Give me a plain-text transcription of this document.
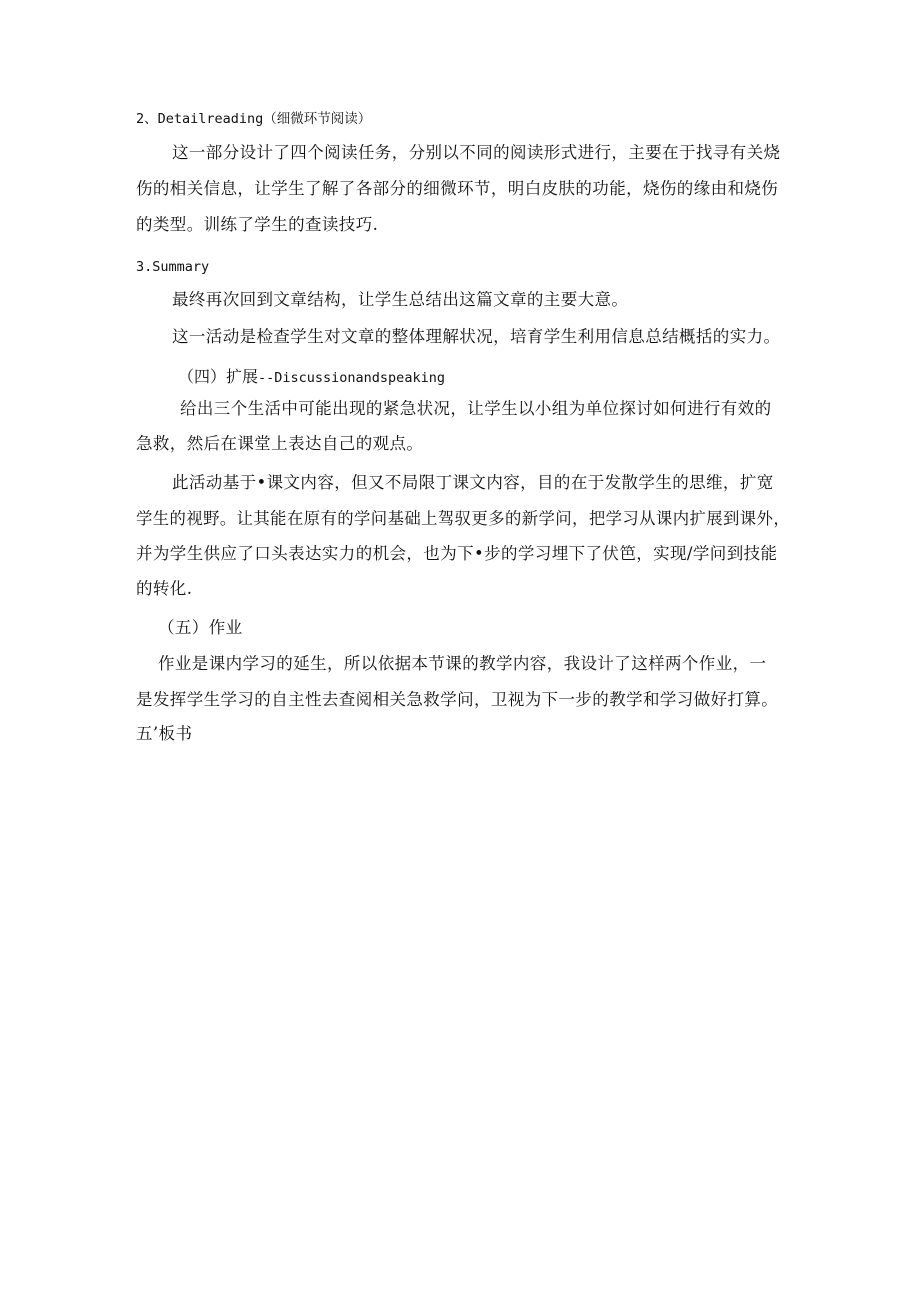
2、Detailreading（细微环节阅读）
这一部分设计了四个阅读任务，分别以不同的阅读形式进行，主要在于找寻有关烧
伤的相关信息，让学生了解了各部分的细微环节，明白皮肤的功能，烧伤的缘由和烧伤
的类型。训练了学生的查读技巧.
3.Summary
最终再次回到文章结构，让学生总结出这篇文章的主要大意。
这一活动是检查学生对文章的整体理解状况，培育学生利用信息总结概括的实力。
（四）扩展--Discussionandspeaking
给出三个生活中可能出现的紧急状况，让学生以小组为单位探讨如何进行有效的
急救，然后在课堂上表达自己的观点。
此活动基于•课文内容，但又不局限丁课文内容，目的在于发散学生的思维，扩宽
学生的视野。让其能在原有的学问基础上驾驭更多的新学问，把学习从课内扩展到课外，
并为学生供应了口头表达实力的机会，也为下•步的学习埋下了伏笆，实现/学问到技能
的转化.
（五）作业
作业是课内学习的延生，所以依据本节课的教学内容，我设计了这样两个作业，一
是发挥学生学习的自主性去查阅相关急救学问，卫视为下一步的教学和学习做好打算。
五’板书
